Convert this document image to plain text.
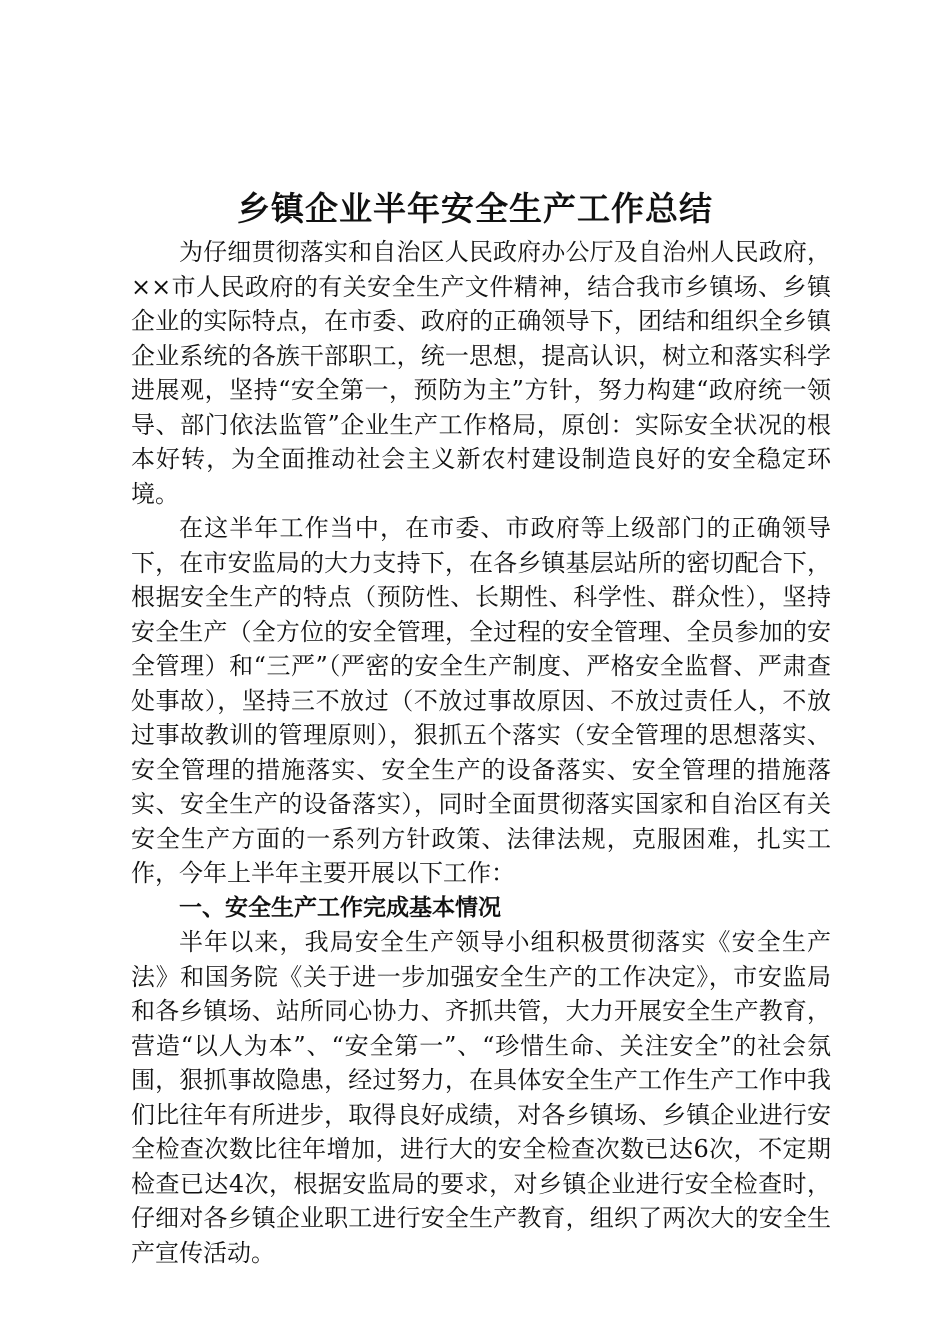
乡镇企业半年安全生产工作总结

为仔细贯彻落实和自治区人民政府办公厅及自治州人民政府，××市人民政府的有关安全生产文件精神，结合我市乡镇场、乡镇企业的实际特点，在市委、政府的正确领导下，团结和组织全乡镇企业系统的各族干部职工，统一思想，提高认识，树立和落实科学进展观，坚持“安全第一，预防为主”方针，努力构建“政府统一领导、部门依法监管”企业生产工作格局，原创：实际安全状况的根本好转，为全面推动社会主义新农村建设制造良好的安全稳定环境。

在这半年工作当中，在市委、市政府等上级部门的正确领导下，在市安监局的大力支持下，在各乡镇基层站所的密切配合下，根据安全生产的特点（预防性、长期性、科学性、群众性），坚持安全生产（全方位的安全管理，全过程的安全管理、全员参加的安全管理）和“三严”（严密的安全生产制度、严格安全监督、严肃查处事故），坚持三不放过（不放过事故原因、不放过责任人，不放过事故教训的管理原则），狠抓五个落实（安全管理的思想落实、安全管理的措施落实、安全生产的设备落实、安全管理的措施落实、安全生产的设备落实），同时全面贯彻落实国家和自治区有关安全生产方面的一系列方针政策、法律法规，克服困难，扎实工作，今年上半年主要开展以下工作：

一、安全生产工作完成基本情况

半年以来，我局安全生产领导小组积极贯彻落实《安全生产法》和国务院《关于进一步加强安全生产的工作决定》，市安监局和各乡镇场、站所同心协力、齐抓共管，大力开展安全生产教育，营造“以人为本”、“安全第一”、“珍惜生命、关注安全”的社会氛围，狠抓事故隐患，经过努力，在具体安全生产工作生产工作中我们比往年有所进步，取得良好成绩，对各乡镇场、乡镇企业进行安全检查次数比往年增加，进行大的安全检查次数已达6次，不定期检查已达4次，根据安监局的要求，对乡镇企业进行安全检查时，仔细对各乡镇企业职工进行安全生产教育，组织了两次大的安全生产宣传活动。
